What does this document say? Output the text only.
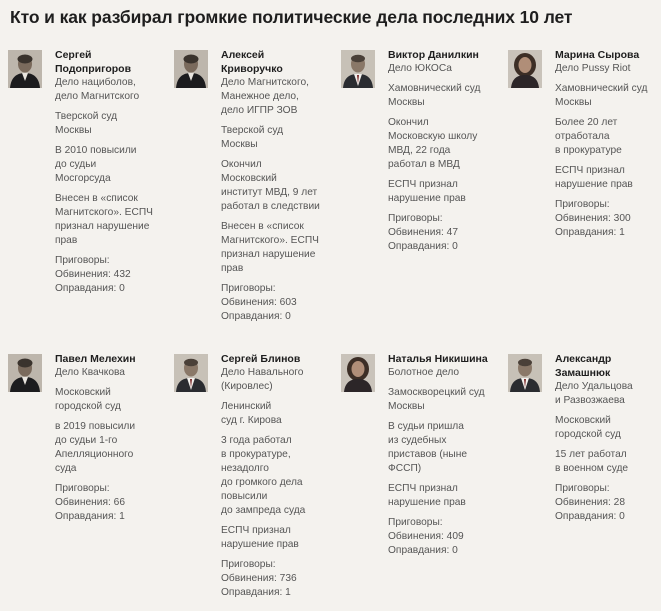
Кто и как разбирал громкие политические дела последних 10 лет
Сергей
Подопригоров
Дело нациболов,
дело Магнитского
Тверской суд
Москвы
В 2010 повысили
до судьи
Мосгорсуда
Внесен в «список
Магнитского». ЕСПЧ
признал нарушение
прав
Приговоры:
Обвинения: 432
Оправдания: 0
Алексей
Криворучко
Дело Магнитского,
Манежное дело,
дело ИГПР ЗОВ
Тверской суд
Москвы
Окончил
Московский
институт МВД, 9 лет
работал в следствии
Внесен в «список
Магнитского». ЕСПЧ
признал нарушение
прав
Приговоры:
Обвинения: 603
Оправдания: 0
Виктор Данилкин
Дело ЮКОСа
Хамовнический суд
Москвы
Окончил
Московскую школу
МВД, 22 года
работал в МВД
ЕСПЧ признал
нарушение прав
Приговоры:
Обвинения: 47
Оправдания: 0
Марина Сырова
Дело Pussy Riot
Хамовнический суд
Москвы
Более 20 лет
отработала
в прокуратуре
ЕСПЧ признал
нарушение прав
Приговоры:
Обвинения: 300
Оправдания: 1
Павел Мелехин
Дело Квачкова
Московский
городской суд
в 2019 повысили
до судьи 1-го
Апелляционного
суда
Приговоры:
Обвинения: 66
Оправдания: 1
Сергей Блинов
Дело Навального
(Кировлес)
Ленинский
суд г. Кирова
3 года работал
в прокуратуре,
незадолго
до громкого дела
повысили
до зампреда суда
ЕСПЧ признал
нарушение прав
Приговоры:
Обвинения: 736
Оправдания: 1
Наталья Никишина
Болотное дело
Замоскворецкий суд
Москвы
В судьи пришла
из судебных
приставов (ныне
ФССП)
ЕСПЧ признал
нарушение прав
Приговоры:
Обвинения: 409
Оправдания: 0
Александр
Замашнюк
Дело Удальцова
и Развозжаева
Московский
городской суд
15 лет работал
в военном суде
Приговоры:
Обвинения: 28
Оправдания: 0
